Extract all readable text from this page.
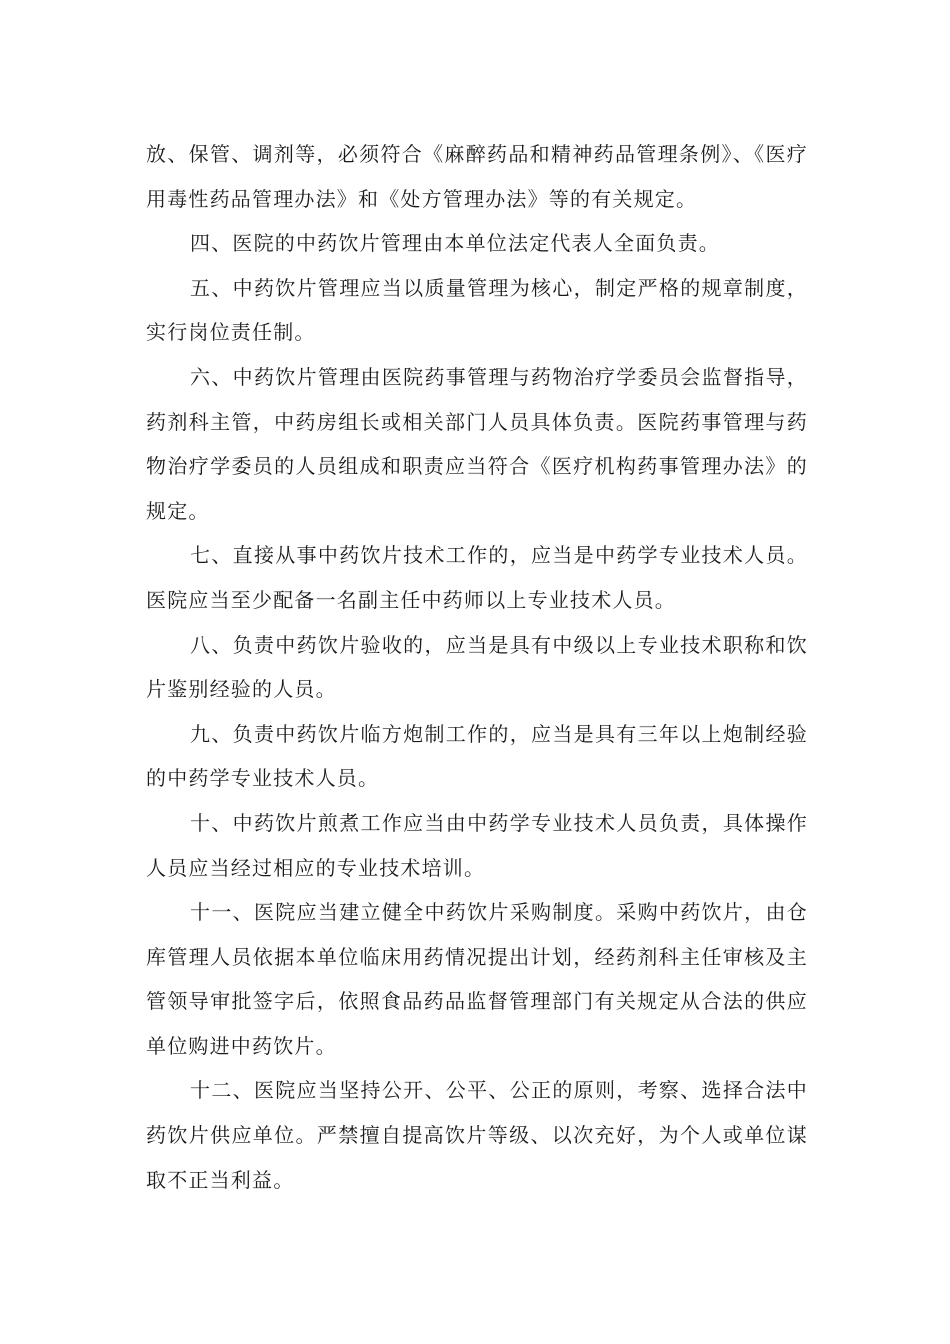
放、保管、调剂等，必须符合《麻醉药品和精神药品管理条例》、《医疗用毒性药品管理办法》和《处方管理办法》等的有关规定。

四、医院的中药饮片管理由本单位法定代表人全面负责。

五、中药饮片管理应当以质量管理为核心，制定严格的规章制度，实行岗位责任制。

六、中药饮片管理由医院药事管理与药物治疗学委员会监督指导，药剂科主管，中药房组长或相关部门人员具体负责。医院药事管理与药物治疗学委员的人员组成和职责应当符合《医疗机构药事管理办法》的规定。

七、直接从事中药饮片技术工作的，应当是中药学专业技术人员。医院应当至少配备一名副主任中药师以上专业技术人员。

八、负责中药饮片验收的，应当是具有中级以上专业技术职称和饮片鉴别经验的人员。

九、负责中药饮片临方炮制工作的，应当是具有三年以上炮制经验的中药学专业技术人员。

十、中药饮片煎煮工作应当由中药学专业技术人员负责，具体操作人员应当经过相应的专业技术培训。

十一、医院应当建立健全中药饮片采购制度。采购中药饮片，由仓库管理人员依据本单位临床用药情况提出计划，经药剂科主任审核及主管领导审批签字后，依照食品药品监督管理部门有关规定从合法的供应单位购进中药饮片。

十二、医院应当坚持公开、公平、公正的原则，考察、选择合法中药饮片供应单位。严禁擅自提高饮片等级、以次充好，为个人或单位谋取不正当利益。
